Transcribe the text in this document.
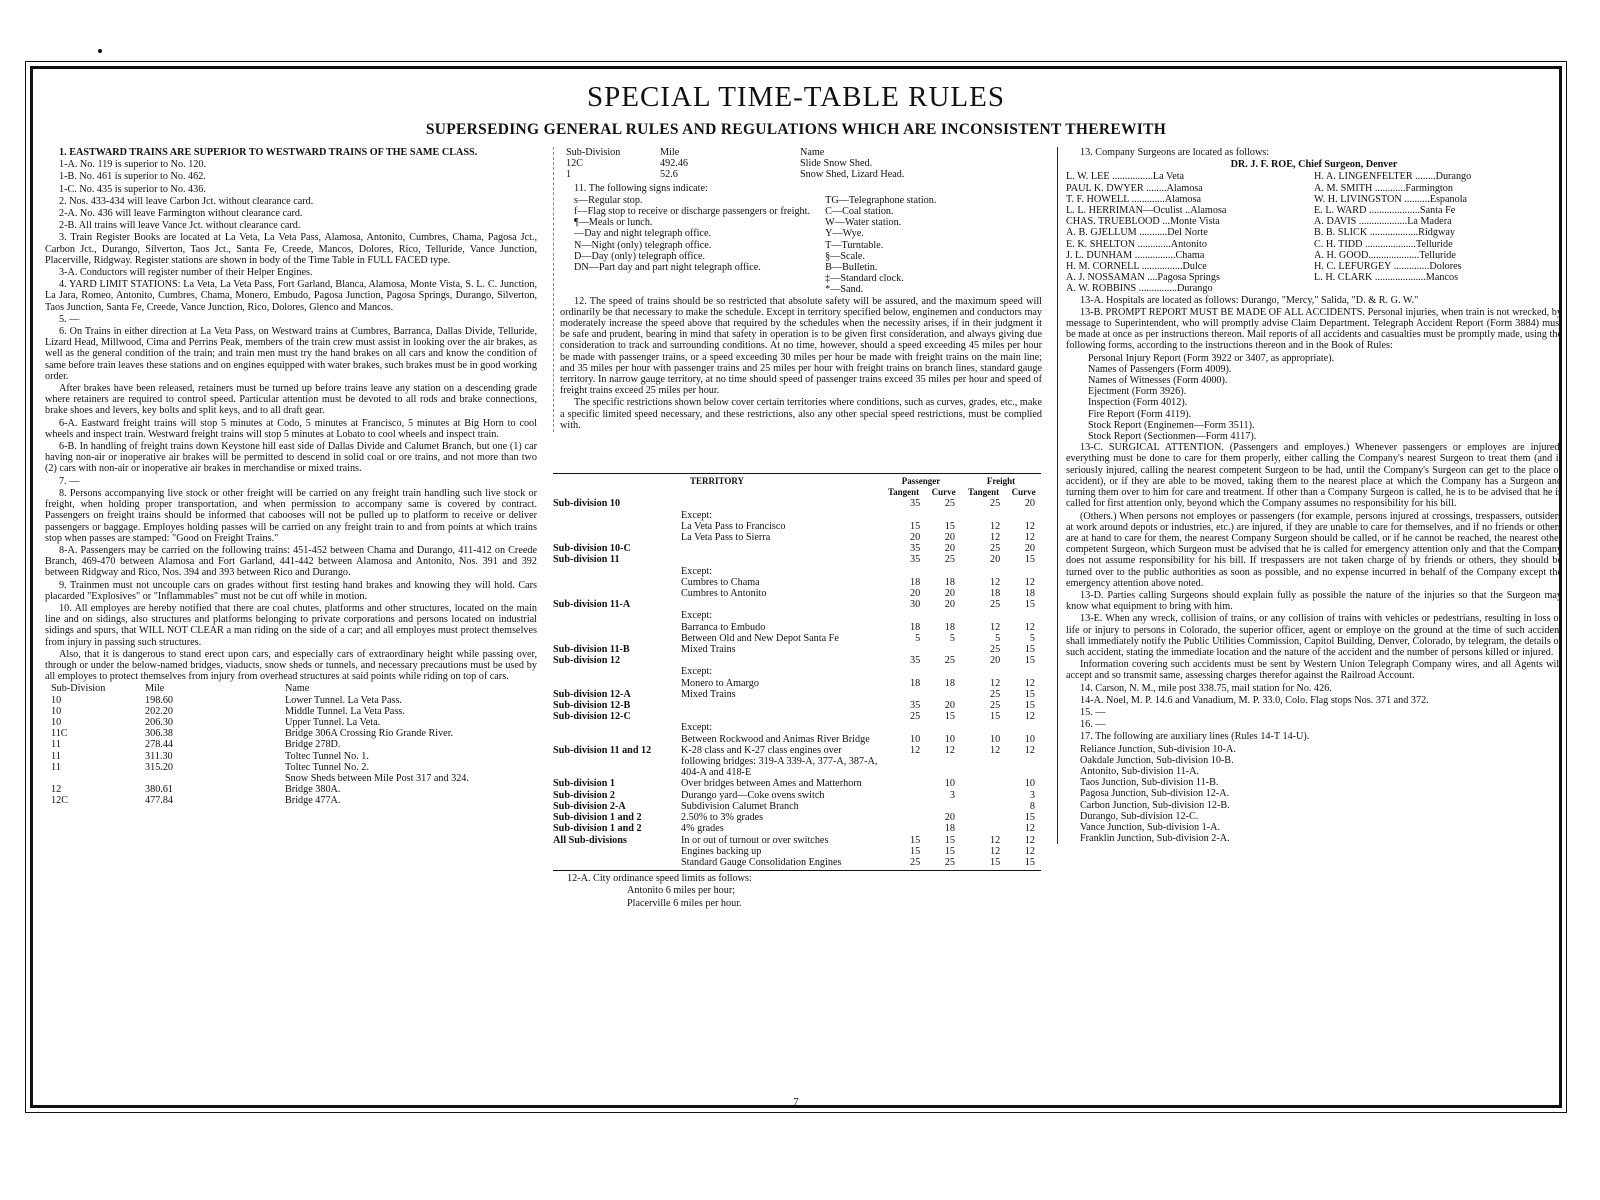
SPECIAL TIME-TABLE RULES
SUPERSEDING GENERAL RULES AND REGULATIONS WHICH ARE INCONSISTENT THEREWITH

1. EASTWARD TRAINS ARE SUPERIOR TO WESTWARD TRAINS OF THE SAME CLASS.

1-A. No. 119 is superior to No. 120.

1-B. No. 461 is superior to No. 462.

1-C. No. 435 is superior to No. 436.

2. Nos. 433-434 will leave Carbon Jct. without clearance card.

2-A. No. 436 will leave Farmington without clearance card.

2-B. All trains will leave Vance Jct. without clearance card.

3. Train Register Books are located at La Veta, La Veta Pass, Alamosa, Antonito, Cumbres, Chama, Pagosa Jct., Carbon Jct., Durango, Silverton, Taos Jct., Santa Fe, Creede, Mancos, Dolores, Rico, Telluride, Vance Junction, Placerville, Ridgway. Register stations are shown in body of the Time Table in FULL FACED type.

3-A. Conductors will register number of their Helper Engines.

4. YARD LIMIT STATIONS: La Veta, La Veta Pass, Fort Garland, Blanca, Alamosa, Monte Vista, S. L. C. Junction, La Jara, Romeo, Antonito, Cumbres, Chama, Monero, Embudo, Pagosa Junction, Pagosa Springs, Durango, Silverton, Taos Junction, Santa Fe, Creede, Vance Junction, Rico, Dolores, Glenco and Mancos.

5. —

6. On Trains in either direction at La Veta Pass, on Westward trains at Cumbres, Barranca, Dallas Divide, Telluride, Lizard Head, Millwood, Cima and Perrins Peak, members of the train crew must assist in looking over the air brakes, as well as the general condition of the train; and train men must try the hand brakes on all cars and know the condition of same before train leaves these stations and on engines equipped with water brakes, such brakes must be in good working order.

After brakes have been released, retainers must be turned up before trains leave any station on a descending grade where retainers are required to control speed. Particular attention must be devoted to all rods and brake connections, brake shoes and levers, key bolts and split keys, and to all draft gear.

6-A. Eastward freight trains will stop 5 minutes at Codo, 5 minutes at Francisco, 5 minutes at Big Horn to cool wheels and inspect train. Westward freight trains will stop 5 minutes at Lobato to cool wheels and inspect train.

6-B. In handling of freight trains down Keystone hill east side of Dallas Divide and Calumet Branch, but one (1) car having non-air or inoperative air brakes will be permitted to descend in solid coal or ore trains, and not more than two (2) cars with non-air or inoperative air brakes in merchandise or mixed trains.

7. —

8. Persons accompanying live stock or other freight will be carried on any freight train handling such live stock or freight, when holding proper transportation, and when permission to accompany same is covered by contract. Passengers on freight trains should be informed that cabooses will not be pulled up to platform to receive or deliver passengers or baggage. Employes holding passes will be carried on any freight train to and from points at which trains stop when passes are stamped: "Good on Freight Trains."

8-A. Passengers may be carried on the following trains: 451-452 between Chama and Durango, 411-412 on Creede Branch, 469-470 between Alamosa and Fort Garland, 441-442 between Alamosa and Antonito, Nos. 391 and 392 between Ridgway and Rico, Nos. 394 and 393 between Rico and Durango.

9. Trainmen must not uncouple cars on grades without first testing hand brakes and knowing they will hold. Cars placarded "Explosives" or "Inflammables" must not be cut off while in motion.

10. All employes are hereby notified that there are coal chutes, platforms and other structures, located on the main line and on sidings, also structures and platforms belonging to private corporations and persons located on industrial sidings and spurs, that WILL NOT CLEAR a man riding on the side of a car; and all employes must protect themselves from injury in passing such structures.

Also, that it is dangerous to stand erect upon cars, and especially cars of extraordinary height while passing over, through or under the below-named bridges, viaducts, snow sheds or tunnels, and necessary precautions must be used by all employes to protect themselves from injury from overhead structures at said points while riding on top of cars.

Sub-Division	Mile	Name
10	198.60	Lower Tunnel. La Veta Pass.
10	202.20	Middle Tunnel. La Veta Pass.
10	206.30	Upper Tunnel. La Veta.
11C	306.38	Bridge 306A Crossing Rio Grande River.
11	278.44	Bridge 278D.
11	311.30	Toltec Tunnel No. 1.
11	315.20	Toltec Tunnel No. 2.
		Snow Sheds between Mile Post 317 and 324.
12	380.61	Bridge 380A.
12C	477.84	Bridge 477A.
Sub-Division	Mile	Name
12C	492.46	Slide Snow Shed.
1	52.6	Snow Shed, Lizard Head.

11. The following signs indicate:

s—Regular stop.
f—Flag stop to receive or discharge passengers or freight.
¶—Meals or lunch.
—Day and night telegraph office.
N—Night (only) telegraph office.
D—Day (only) telegraph office.
DN—Part day and part night telegraph office.

TG—Telegraphone station.
C—Coal station.
W—Water station.
Y—Wye.
T—Turntable.
§—Scale.
B—Bulletin.
‡—Standard clock.
*—Sand.

12. The speed of trains should be so restricted that absolute safety will be assured, and the maximum speed will ordinarily be that necessary to make the schedule. Except in territory specified below, enginemen and conductors may moderately increase the speed above that required by the schedules when the necessity arises, if in their judgment it be safe and prudent, bearing in mind that safety in operation is to be given first consideration, and always giving due consideration to track and surrounding conditions. At no time, however, should a speed exceeding 45 miles per hour be made with passenger trains, or a speed exceeding 30 miles per hour be made with freight trains on the main line; and 35 miles per hour with passenger trains and 25 miles per hour with freight trains on branch lines, standard gauge territory. In narrow gauge territory, at no time should speed of passenger trains exceed 35 miles per hour and speed of freight trains exceed 25 miles per hour.

The specific restrictions shown below cover certain territories where conditions, such as curves, grades, etc., make a specific limited speed necessary, and these restrictions, also any other special speed restrictions, must be complied with.

TERRITORY		Passenger		Freight	
		Tangent	Curve	Tangent	Curve
Sub-division 10		35	25	25	20
	Except:				
	La Veta Pass to Francisco	15	15	12	12
	La Veta Pass to Sierra	20	20	12	12
Sub-division 10-C		35	20	25	20
Sub-division 11		35	25	20	15
	Except:				
	Cumbres to Chama	18	18	12	12
	Cumbres to Antonito	20	20	18	18
Sub-division 11-A		30	20	25	15
	Except:				
	Barranca to Embudo	18	18	12	12
	Between Old and New Depot Santa Fe	5	5	5	5
Sub-division 11-B	Mixed Trains			25	15
Sub-division 12		35	25	20	15
	Except:				
	Monero to Amargo	18	18	12	12
Sub-division 12-A	Mixed Trains			25	15
Sub-division 12-B		35	20	25	15
Sub-division 12-C		25	15	15	12
	Except:				
	Between Rockwood and Animas River Bridge	10	10	10	10
Sub-division 11 and 12	K-28 class and K-27 class engines over following bridges: 319-A 339-A, 377-A, 387-A, 404-A and 418-E	12	12	12	12
Sub-division 1	Over bridges between Ames and Matterhorn		10		10
Sub-division 2	Durango yard—Coke ovens switch		3		3
Sub-division 2-A	Subdivision Calumet Branch				8
Sub-division 1 and 2	2.50% to 3% grades		20		15
Sub-division 1 and 2	4% grades		18		12
All Sub-divisions	In or out of turnout or over switches	15	15	12	12
	Engines backing up	15	15	12	12
	Standard Gauge Consolidation Engines	25	25	15	15

12-A. City ordinance speed limits as follows:

Antonito 6 miles per hour;

Placerville 6 miles per hour.

13. Company Surgeons are located as follows:

DR. J. F. ROE, Chief Surgeon, Denver

L. W. LEE ................La Veta	H. A. LINGENFELTER ........Durango
PAUL K. DWYER ........Alamosa	A. M. SMITH ............Farmington
T. F. HOWELL .............Alamosa	W. H. LIVINGSTON ..........Espanola
L. L. HERRIMAN—Oculist ..Alamosa	E. L. WARD ....................Santa Fe
CHAS. TRUEBLOOD ...Monte Vista	A. DAVIS ...................La Madera
A. B. GJELLUM ...........Del Norte	B. B. SLICK ...................Ridgway
E. K. SHELTON .............Antonito	C. H. TIDD ....................Telluride
J. L. DUNHAM ................Chama	A. H. GOOD....................Telluride
H. M. CORNELL ................Dulce	H. C. LEFURGEY ..............Dolores
A. J. NOSSAMAN ....Pagosa Springs	L. H. CLARK ....................Mancos
A. W. ROBBINS ...............Durango	

13-A. Hospitals are located as follows: Durango, "Mercy," Salida, "D. & R. G. W."

13-B. PROMPT REPORT MUST BE MADE OF ALL ACCIDENTS. Personal injuries, when train is not wrecked, by message to Superintendent, who will promptly advise Claim Department. Telegraph Accident Report (Form 3884) must be made at once as per instructions thereon. Mail reports of all accidents and casualties must be promptly made, using the following forms, according to the instructions thereon and in the Book of Rules:

Personal Injury Report (Form 3922 or 3407, as appropriate).
Names of Passengers (Form 4009).
Names of Witnesses (Form 4000).
Ejectment (Form 3926).
Inspection (Form 4012).
Fire Report (Form 4119).
Stock Report (Enginemen—Form 3511).
Stock Report (Sectionmen—Form 4117).

13-C. SURGICAL ATTENTION. (Passengers and employes.) Whenever passengers or employes are injured, everything must be done to care for them properly, either calling the Company's nearest Surgeon to treat them (and if seriously injured, calling the nearest competent Surgeon to be had, until the Company's Surgeon can get to the place of accident), or if they are able to be moved, taking them to the nearest place at which the Company has a Surgeon and turning them over to him for care and treatment. If other than a Company Surgeon is called, he is to be advised that he is called for first attention only, beyond which the Company assumes no responsibility for his bill.

(Others.) When persons not employes or passengers (for example, persons injured at crossings, trespassers, outsiders at work around depots or industries, etc.) are injured, if they are unable to care for themselves, and if no friends or others are at hand to care for them, the nearest Company Surgeon should be called, or if he cannot be reached, the nearest other competent Surgeon, which Surgeon must be advised that he is called for emergency attention only and that the Company does not assume responsibility for his bill. If trespassers are not taken charge of by friends or others, they should be turned over to the public authorities as soon as possible, and no expense incurred in behalf of the Company except the emergency attention above noted.

13-D. Parties calling Surgeons should explain fully as possible the nature of the injuries so that the Surgeon may know what equipment to bring with him.

13-E. When any wreck, collision of trains, or any collision of trains with vehicles or pedestrians, resulting in loss of life or injury to persons in Colorado, the superior officer, agent or employe on the ground at the time of such accident shall immediately notify the Public Utilities Commission, Capitol Building, Denver, Colorado, by telegram, the details of such accident, stating the immediate location and the nature of the accident and the number of persons killed or injured.

Information covering such accidents must be sent by Western Union Telegraph Company wires, and all Agents will accept and so transmit same, assessing charges therefor against the Railroad Account.

14. Carson, N. M., mile post 338.75, mail station for No. 426.

14-A. Noel, M. P. 14.6 and Vanadium, M. P. 33.0, Colo. Flag stops Nos. 371 and 372.

15. —

16. —

17. The following are auxiliary lines (Rules 14-T 14-U).

Reliance Junction, Sub-division 10-A.
Oakdale Junction, Sub-division 10-B.
Antonito, Sub-division 11-A.
Taos Junction, Sub-division 11-B.
Pagosa Junction, Sub-division 12-A.
Carbon Junction, Sub-division 12-B.
Durango, Sub-division 12-C.
Vance Junction, Sub-division 1-A.
Franklin Junction, Sub-division 2-A.
7
